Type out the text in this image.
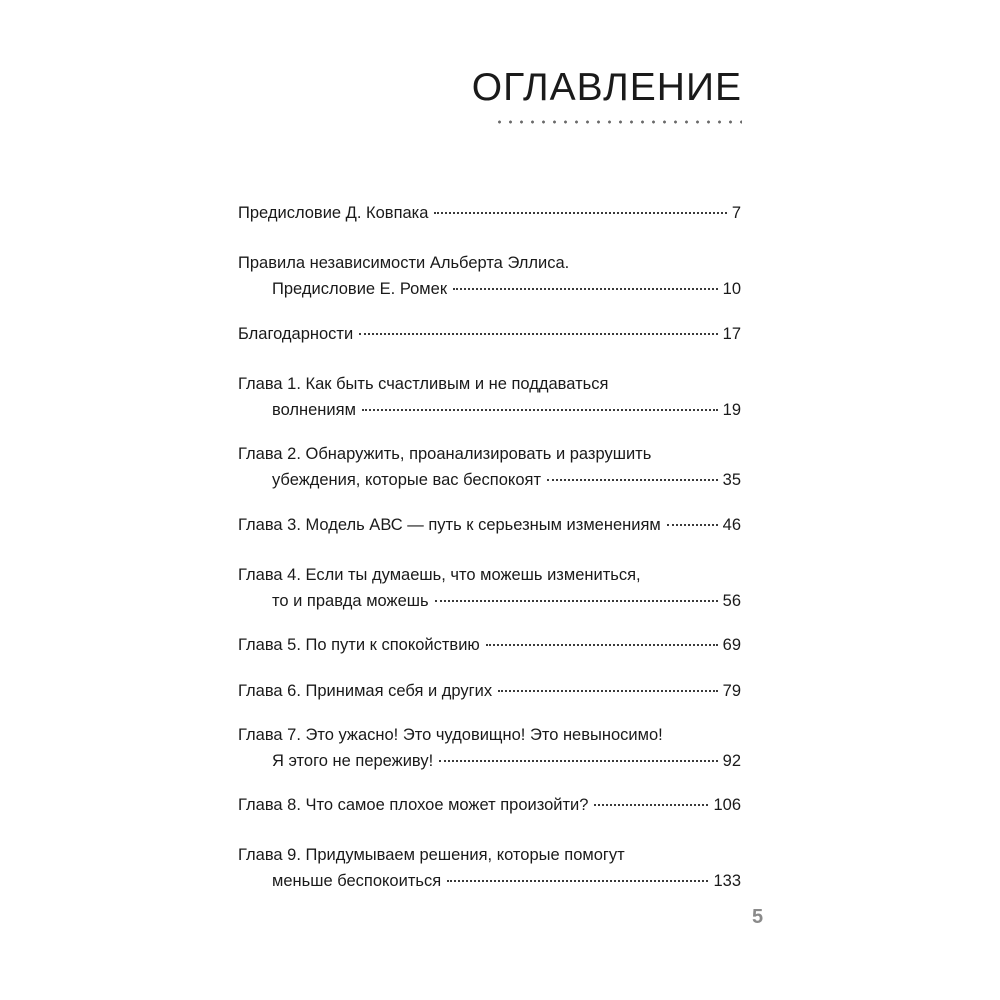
ОГЛАВЛЕНИЕ
Предисловие Д. Ковпака	7
Правила независимости Альберта Эллиса.
Предисловие Е. Ромек	10
Благодарности	17
Глава 1. Как быть счастливым и не поддаваться
волнениям	19
Глава 2. Обнаружить, проанализировать и разрушить
убеждения, которые вас беспокоят	35
Глава 3. Модель АВС — путь к серьезным изменениям	46
Глава 4. Если ты думаешь, что можешь измениться,
то и правда можешь	56
Глава 5. По пути к спокойствию	69
Глава 6. Принимая себя и других	79
Глава 7. Это ужасно! Это чудовищно! Это невыносимо!
Я этого не переживу!	92
Глава 8. Что самое плохое может произойти?	106
Глава 9. Придумываем решения, которые помогут
меньше беспокоиться	133
5
